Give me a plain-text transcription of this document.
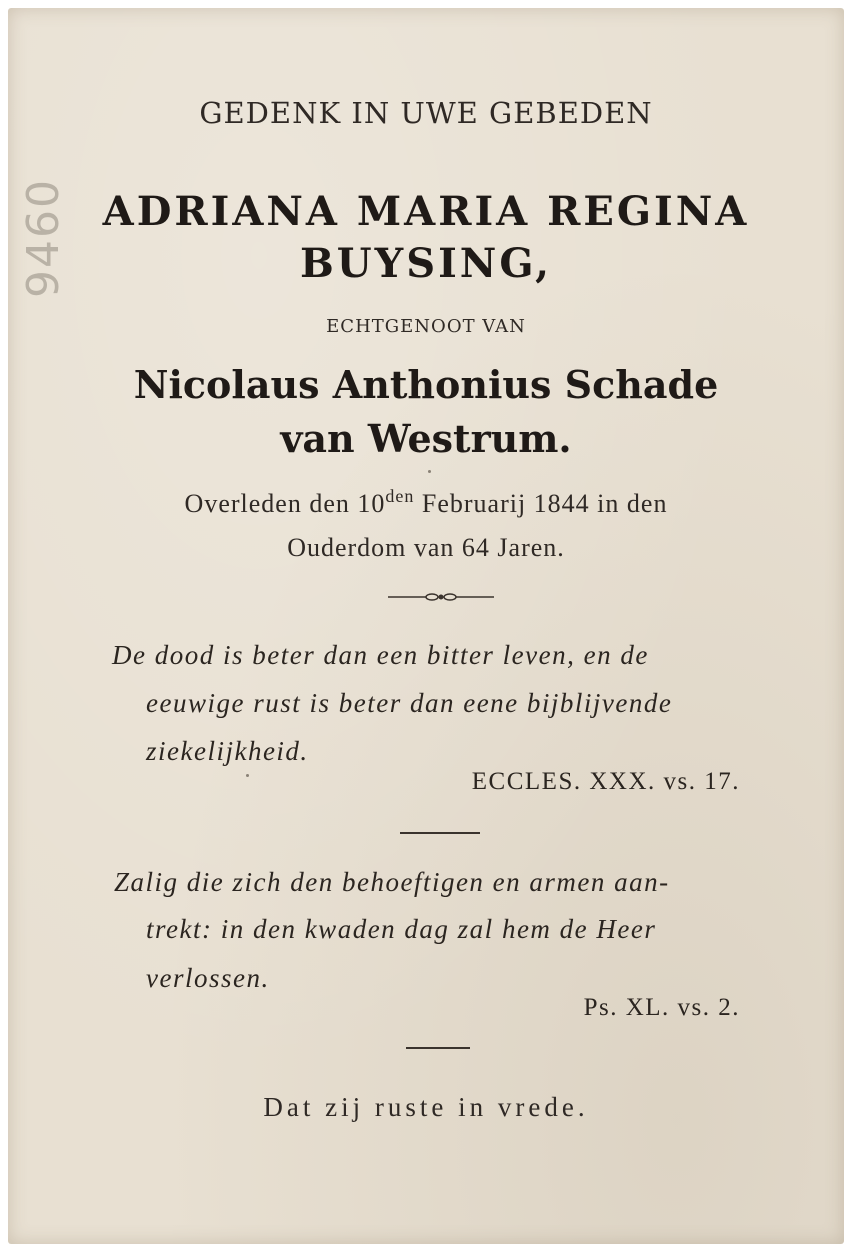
9460
GEDENK IN UWE GEBEDEN
ADRIANA MARIA REGINA
BUYSING,
ECHTGENOOT VAN
Nicolaus Anthonius Schade
van Westrum.
Overleden den $10^{den}$ Februarij 1844 in den
Ouderdom van 64 Jaren.
De dood is beter dan een bitter leven, en de
eeuwige rust is beter dan eene bijblijvende
ziekelijkheid.
ECCLES. XXX. vs. 17.
Zalig die zich den behoeftigen en armen aan-
trekt: in den kwaden dag zal hem de Heer
verlossen.
Ps. XL. vs. 2.
Dat zij ruste in vrede.
